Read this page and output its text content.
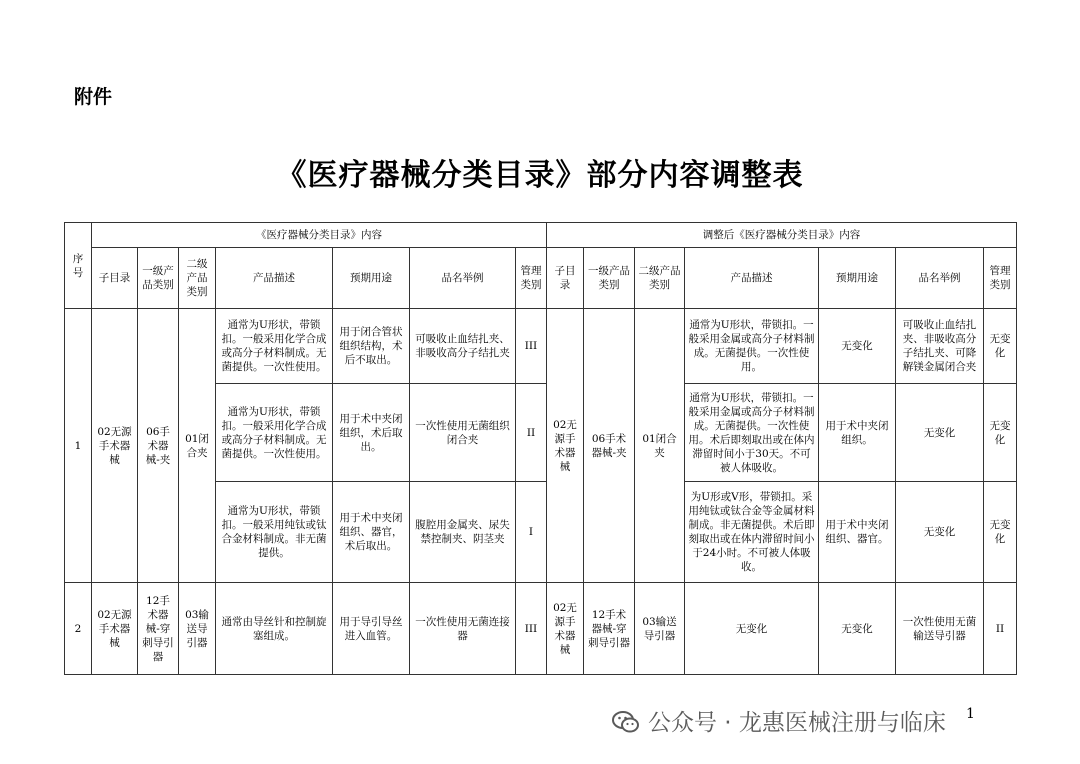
附件
《医疗器械分类目录》部分内容调整表
序号	《医疗器械分类目录》内容							调整后《医疗器械分类目录》内容						
	子目录	一级产品类别	二级产品类别	产品描述	预期用途	品名举例	管理类别	子目录	一级产品类别	二级产品类别	产品描述	预期用途	品名举例	管理类别
1	02无源手术器械	06手术器械-夹	01闭合夹	通常为U形状，带锁扣。一般采用化学合成或高分子材料制成。无菌提供。一次性使用。	用于闭合管状组织结构，术后不取出。	可吸收止血结扎夹、非吸收高分子结扎夹	III	02无源手术器械	06手术器械-夹	01闭合夹	通常为U形状，带锁扣。一般采用金属或高分子材料制成。无菌提供。一次性使用。	无变化	可吸收止血结扎夹、非吸收高分子结扎夹、可降解镁金属闭合夹	无变化
				通常为U形状，带锁扣。一般采用化学合成或高分子材料制成。无菌提供。一次性使用。	用于术中夹闭组织，术后取出。	一次性使用无菌组织闭合夹	II				通常为U形状，带锁扣。一般采用金属或高分子材料制成。无菌提供。一次性使用。术后即刻取出或在体内滞留时间小于30天。不可被人体吸收。	用于术中夹闭组织。	无变化	无变化
				通常为U形状，带锁扣。一般采用纯钛或钛合金材料制成。非无菌提供。	用于术中夹闭组织、器官，术后取出。	腹腔用金属夹、尿失禁控制夹、阴茎夹	I				为U形或V形，带锁扣。采用纯钛或钛合金等金属材料制成。非无菌提供。术后即刻取出或在体内滞留时间小于24小时。不可被人体吸收。	用于术中夹闭组织、器官。	无变化	无变化
2	02无源手术器械	12手术器械-穿刺导引器	03输送导引器	通常由导丝针和控制旋塞组成。	用于导引导丝进入血管。	一次性使用无菌连接器	III	02无源手术器械	12手术器械-穿刺导引器	03输送导引器	无变化	无变化	一次性使用无菌输送导引器	II
公众号 · 龙惠医械注册与临床 1
